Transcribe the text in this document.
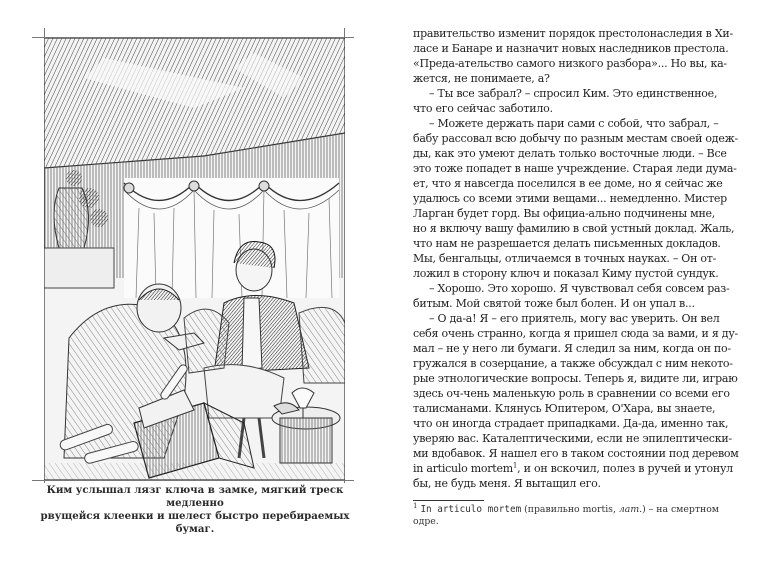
Ким услышал лязг ключа в замке, мягкий треск медленно

рвущейся клеенки и шелест быстро перебираемых бумаг.

правительство изменит порядок престолонаследия в Хи-

ласе и Банаре и назначит новых наследников престола.

«Преда-ательство самого низкого разбора»... Но вы, ка-

жется, не понимаете, а?

– Ты все забрал? – спросил Ким. Это единственное,

что его сейчас заботило.

– Можете держать пари сами с собой, что забрал, –

бабу рассовал всю добычу по разным местам своей одеж-

ды, как это умеют делать только восточные люди. – Все

это тоже попадет в наше учреждение. Старая леди дума-

ет, что я навсегда поселился в ее доме, но я сейчас же

удалюсь со всеми этими вещами... немедленно. Мистер

Ларган будет горд. Вы официа-ально подчинены мне,

но я включу вашу фамилию в свой устный доклад. Жаль,

что нам не разрешается делать письменных докладов.

Мы, бенгальцы, отличаемся в точных науках. – Он от-

ложил в сторону ключ и показал Киму пустой сундук.

– Хорошо. Это хорошо. Я чувствовал себя совсем раз-

битым. Мой святой тоже был болен. И он упал в...

– О да-а! Я – его приятель, могу вас уверить. Он вел

себя очень странно, когда я пришел сюда за вами, и я ду-

мал – не у него ли бумаги. Я следил за ним, когда он по-

гружался в созерцание, а также обсуждал с ним некото-

рые этнологические вопросы. Теперь я, видите ли, играю

здесь оч-чень маленькую роль в сравнении со всеми его

талисманами. Клянусь Юпитером, О'Хара, вы знаете,

что он иногда страдает припадками. Да-да, именно так,

уверяю вас. Каталептическими, если не эпилептически-

ми вдобавок. Я нашел его в таком состоянии под деревом

in articulo mortem$^1$, и он вскочил, полез в ручей и утонул

бы, не будь меня. Я вытащил его.

$^1$ In articulo mortem (правильно mortis, лат.) – на смертном
одре.
